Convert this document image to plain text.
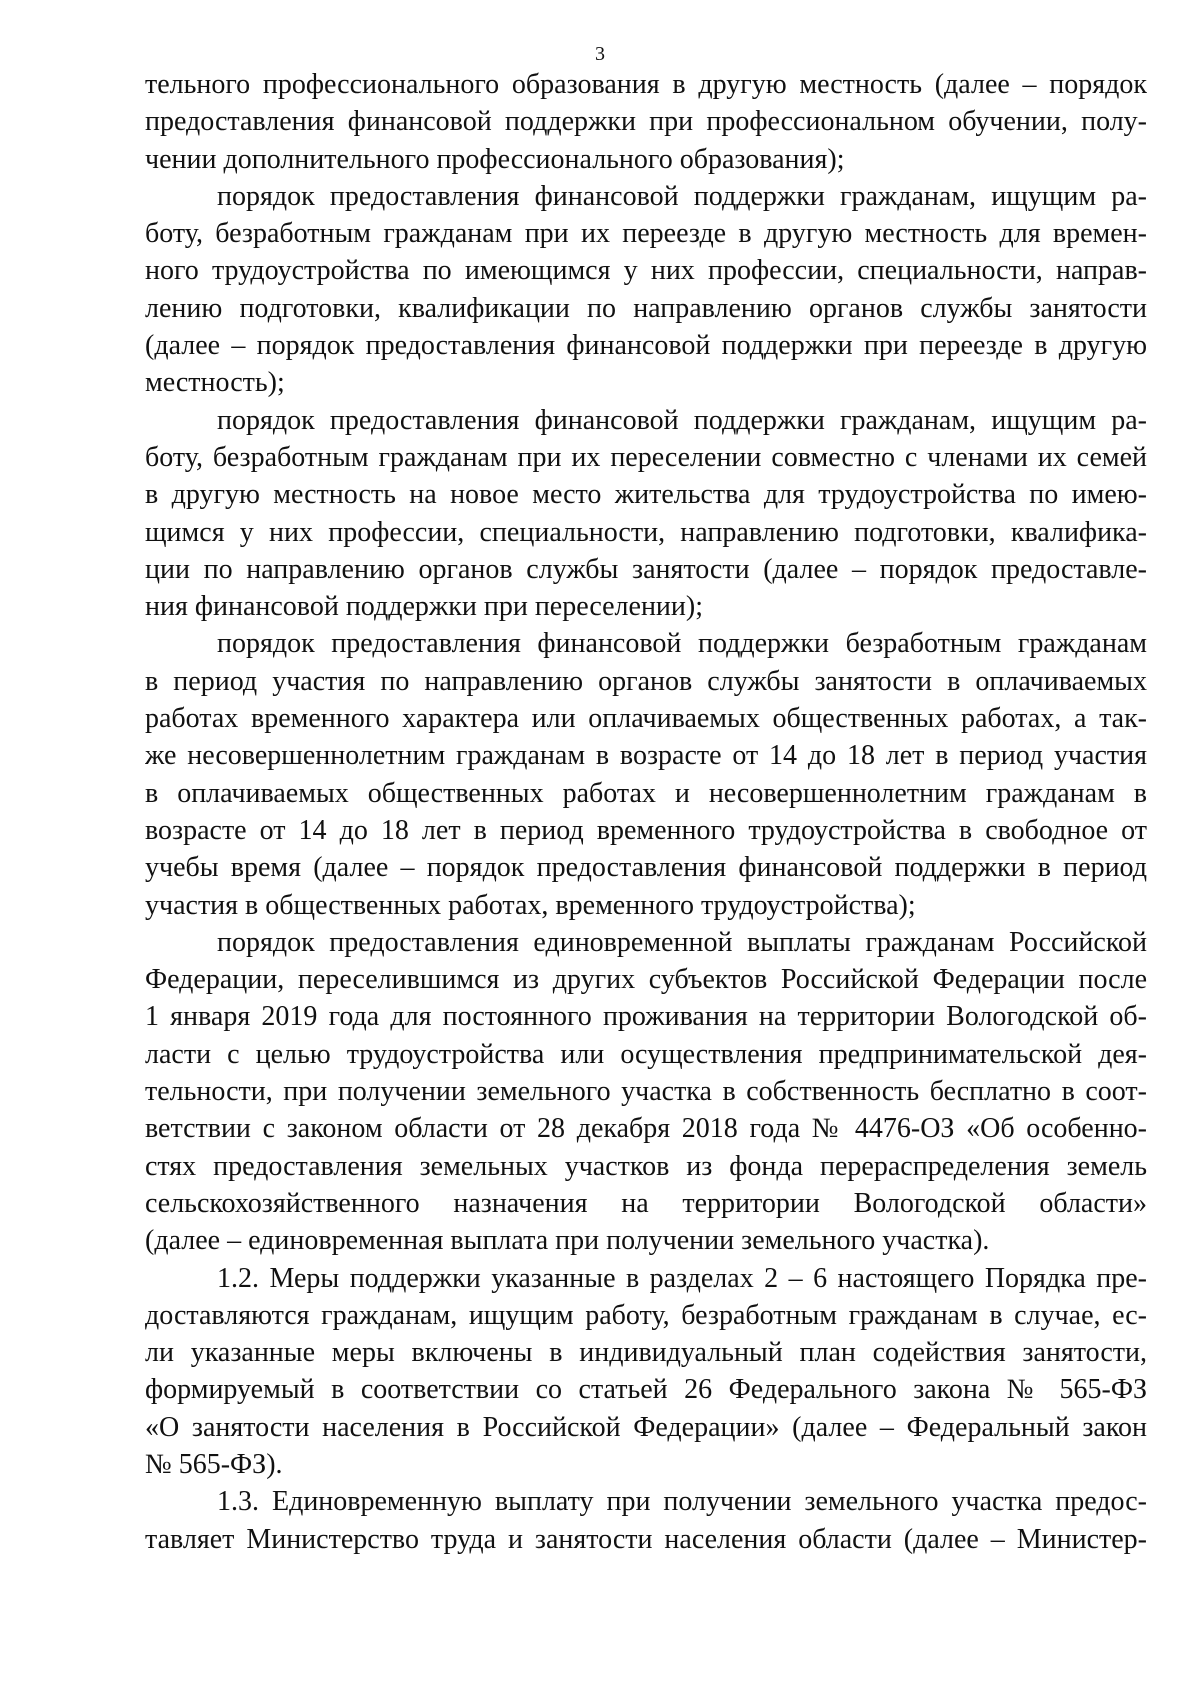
3
тельного профессионального образования в другую местность (далее – порядок
предоставления финансовой поддержки при профессиональном обучении, полу-
чении дополнительного профессионального образования);
порядок предоставления финансовой поддержки гражданам, ищущим ра-
боту, безработным гражданам при их переезде в другую местность для времен-
ного трудоустройства по имеющимся у них профессии, специальности, направ-
лению подготовки, квалификации по направлению органов службы занятости
(далее – порядок предоставления финансовой поддержки при переезде в другую
местность);
порядок предоставления финансовой поддержки гражданам, ищущим ра-
боту, безработным гражданам при их переселении совместно с членами их семей
в другую местность на новое место жительства для трудоустройства по имею-
щимся у них профессии, специальности, направлению подготовки, квалифика-
ции по направлению органов службы занятости (далее – порядок предоставле-
ния финансовой поддержки при переселении);
порядок предоставления финансовой поддержки безработным гражданам
в период участия по направлению органов службы занятости в оплачиваемых
работах временного характера или оплачиваемых общественных работах, а так-
же несовершеннолетним гражданам в возрасте от 14 до 18 лет в период участия
в оплачиваемых общественных работах и несовершеннолетним гражданам в
возрасте от 14 до 18 лет в период временного трудоустройства в свободное от
учебы время (далее – порядок предоставления финансовой поддержки в период
участия в общественных работах, временного трудоустройства);
порядок предоставления единовременной выплаты гражданам Российской
Федерации, переселившимся из других субъектов Российской Федерации после
1 января 2019 года для постоянного проживания на территории Вологодской об-
ласти с целью трудоустройства или осуществления предпринимательской дея-
тельности, при получении земельного участка в собственность бесплатно в соот-
ветствии с законом области от 28 декабря 2018 года № 4476-ОЗ «Об особенно-
стях предоставления земельных участков из фонда перераспределения земель
сельскохозяйственного назначения на территории Вологодской области»
(далее – единовременная выплата при получении земельного участка).
1.2. Меры поддержки указанные в разделах 2 – 6 настоящего Порядка пре-
доставляются гражданам, ищущим работу, безработным гражданам в случае, ес-
ли указанные меры включены в индивидуальный план содействия занятости,
формируемый в соответствии со статьей 26 Федерального закона № 565-ФЗ
«О занятости населения в Российской Федерации» (далее – Федеральный закон
№ 565-ФЗ).
1.3. Единовременную выплату при получении земельного участка предос-
тавляет Министерство труда и занятости населения области (далее – Министер-
